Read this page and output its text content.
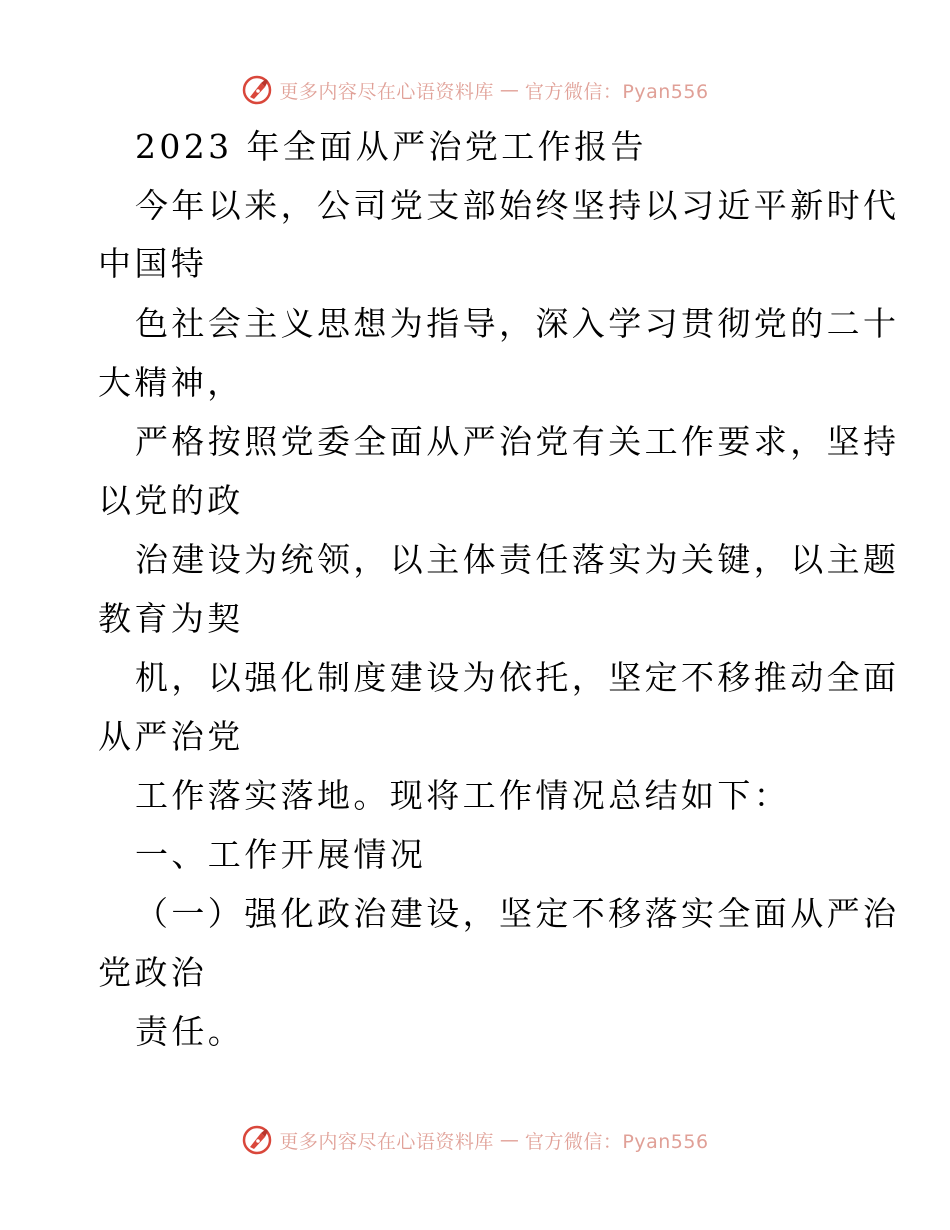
更多内容尽在心语资料库 — 官方微信：Pyan556
2023 年全面从严治党工作报告
今年以来，公司党支部始终坚持以习近平新时代
中国特
色社会主义思想为指导，深入学习贯彻党的二十
大精神，
严格按照党委全面从严治党有关工作要求，坚持
以党的政
治建设为统领，以主体责任落实为关键，以主题
教育为契
机，以强化制度建设为依托，坚定不移推动全面
从严治党
工作落实落地。现将工作情况总结如下：
一、工作开展情况
（一）强化政治建设，坚定不移落实全面从严治
党政治
责任。
更多内容尽在心语资料库 — 官方微信：Pyan556
